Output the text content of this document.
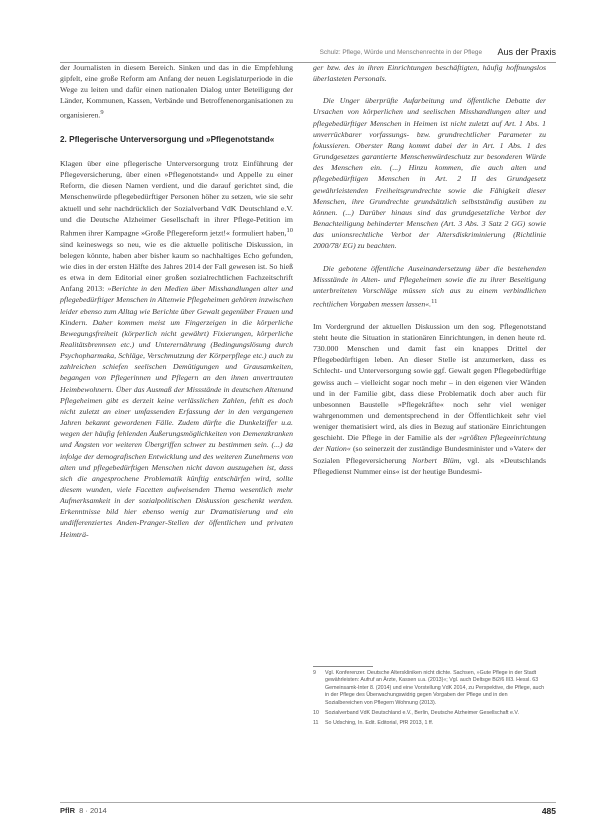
Schulz: Pflege, Würde und Menschenrechte in der Pflege Aus der Praxis

der Journalisten in diesem Bereich. Sinken und das in die Empfehlung gipfelt, eine große Reform am Anfang der neuen Legislaturperiode in die Wege zu leiten und dafür einen nationalen Dialog unter Beteiligung der Länder, Kommunen, Kassen, Verbände und Betroffenenorganisationen zu organisieren.$^9$

2. Pflegerische Unterversorgung und »Pflegenotstand«

Klagen über eine pflegerische Unterversorgung trotz Einführung der Pflegeversicherung, über einen »Pflegenotstand« und Appelle zu einer Reform, die diesen Namen verdient, und die darauf gerichtet sind, die Menschenwürde pflegebedürftiger Personen höher zu setzen, wie sie sehr aktuell und sehr nachdrücklich der Sozialverband VdK Deutschland e.V. und die Deutsche Alzheimer Gesellschaft in ihrer Pflege-Petition im Rahmen ihrer Kampagne »Große Pflegereform jetzt!« formuliert haben,$^{10}$ sind keineswegs so neu, wie es die aktuelle politische Diskussion, in belegen könnte, haben aber bisher kaum so nachhaltiges Echo gefunden, wie dies in der ersten Hälfte des Jahres 2014 der Fall gewesen ist. So hieß es etwa in dem Editorial einer großen sozialrechtlichen Fachzeitschrift Anfang 2013: »Berichte in den Medien über Misshandlungen alter und pflegebedürftiger Menschen in Altenwie Pflegeheimen gehören inzwischen leider ebenso zum Alltag wie Berichte über Gewalt gegenüber Frauen und Kindern. Daher kommen meist um Fingerzeigen in die körperliche Bewegungsfreiheit (körperlich nicht gewährt) Fixierungen, körperliche Realitätsbrennsen etc.) und Unterernährung (Bedingungslösung durch Psychopharmaka, Schläge, Verschmutzung der Körperpflege etc.) auch zu zahlreichen schiefen seelischen Demütigungen und Grausamkeiten, begangen von Pflegerinnen und Pflegern an den ihnen anvertrauten Heimbewohnern. Über das Ausmaß der Missstände in deutschen Altenund Pflegeheimen gibt es derzeit keine verlässlichen Zahlen, fehlt es doch nicht zuletzt an einer umfassenden Erfassung der in den vergangenen Jahren bekannt gewordenen Fälle. Zudem dürfte die Dunkelziffer u.a. wegen der häufig fehlenden Äußerungsmöglichkeiten von Demenzkranken und Ängsten vor weiteren Übergriffen schwer zu bestimmen sein. (...) da infolge der demografischen Entwicklung und des weiteren Zunehmens von alten und pflegebedürftigen Menschen nicht davon auszugehen ist, dass sich die angesprochene Problematik künftig entschärfen wird, sollte diesem wunden, viele Facetten aufweisenden Thema wesentlich mehr Aufmerksamkeit in der sozialpolitischen Diskussion geschenkt werden. Erkenntnisse bild hier ebenso wenig zur Dramatisierung und ein undifferenziertes Anden-Pranger-Stellen der öffentlichen und privaten Heimträ-

ger bzw. des in ihren Einrichtungen beschäftigten, häufig hoffnungslos überlasteten Personals.

Die Unger überprüfte Aufarbeitung und öffentliche Debatte der Ursachen von körperlichen und seelischen Misshandlungen alter und pflegebedürftiger Menschen in Heimen ist nicht zuletzt auf Art. 1 Abs. 1 unverrückbarer vorfassungs- bzw. grundrechtlicher Parameter zu fokussieren. Oberster Rang kommt dabei der in Art. 1 Abs. 1 des Grundgesetzes garantierte Menschenwürdeschutz zur besonderen Würde des Menschen ein. (...) Hinzu kommen, die auch alten und pflegebedürftigen Menschen in Art. 2 II des Grundgesetz gewährleistenden Freiheitsgrundrechte sowie die Fähigkeit dieser Menschen, ihre Grundrechte grundsätzlich selbstständig ausüben zu können. (...) Darüber hinaus sind das grundgesetzliche Verbot der Benachteiligung behinderter Menschen (Art. 3 Abs. 3 Satz 2 GG) sowie das unionsrechtliche Verbot der Altersdiskriminierung (Richtlinie 2000/78/ EG) zu beachten.

Die gebotene öffentliche Auseinandersetzung über die bestehenden Missstände in Alten- und Pflegeheimen sowie die zu ihrer Beseitigung unterbreiteten Vorschläge müssen sich aus zu einem verbindlichen rechtlichen Vorgaben messen lassen«.$^{11}$

Im Vordergrund der aktuellen Diskussion um den sog. Pflegenotstand steht heute die Situation in stationären Einrichtungen, in denen heute rd. 730.000 Menschen und damit fast ein knappes Drittel der Pflegebedürftigen leben. An dieser Stelle ist anzumerken, dass es Schlecht- und Unterversorgung sowie ggf. Gewalt gegen Pflegebedürftige gewiss auch – vielleicht sogar noch mehr – in den eigenen vier Wänden und in der Familie gibt, dass diese Problematik doch aber auch für unbesonnen Baustelle »Pflegekräfte« noch sehr viel weniger wahrgenommen und dementsprechend in der Öffentlichkeit sehr viel weniger thematisiert wird, als dies in Bezug auf stationäre Einrichtungen geschieht. Die Pflege in der Familie als der »größten Pflegeeinrichtung der Nation« (so seinerzeit der zuständige Bundesminister und »Vater« der Sozialen Pflegeversicherung Norbert Blüm, vgl. als »Deutschlands Pflegedienst Nummer eins« ist der heutige Bundesmi-

9	Vgl. Konferenzer. Deutsche Alterskliniken nicht dichte. Sachsen, »Gute Pflege in der Stadt gewährleisten: Aufruf an Ärzte, Kassen u.a. (2013)«; Vgl. auch Deltsge Bi2/6 III3. Hessl. 63 Gemeinsamk-Inter 8. (2014) und eine Vorstellung VdK 2014, zu Perspektive, die Pflege, auch in der Pflege des Überwachungswidrig gegen Vorgaben der Pflege und in den Sozialbereichen von Pflegern Wohnung (2013).
10	Sozialverband VdK Deutschland e.V., Berlin, Deutsche Alzheimer Gesellschaft e.V.
11	So Udsching, In. Edit. Editorial, PfR 2013, 1 ff.
PflR 8 · 2014	485
